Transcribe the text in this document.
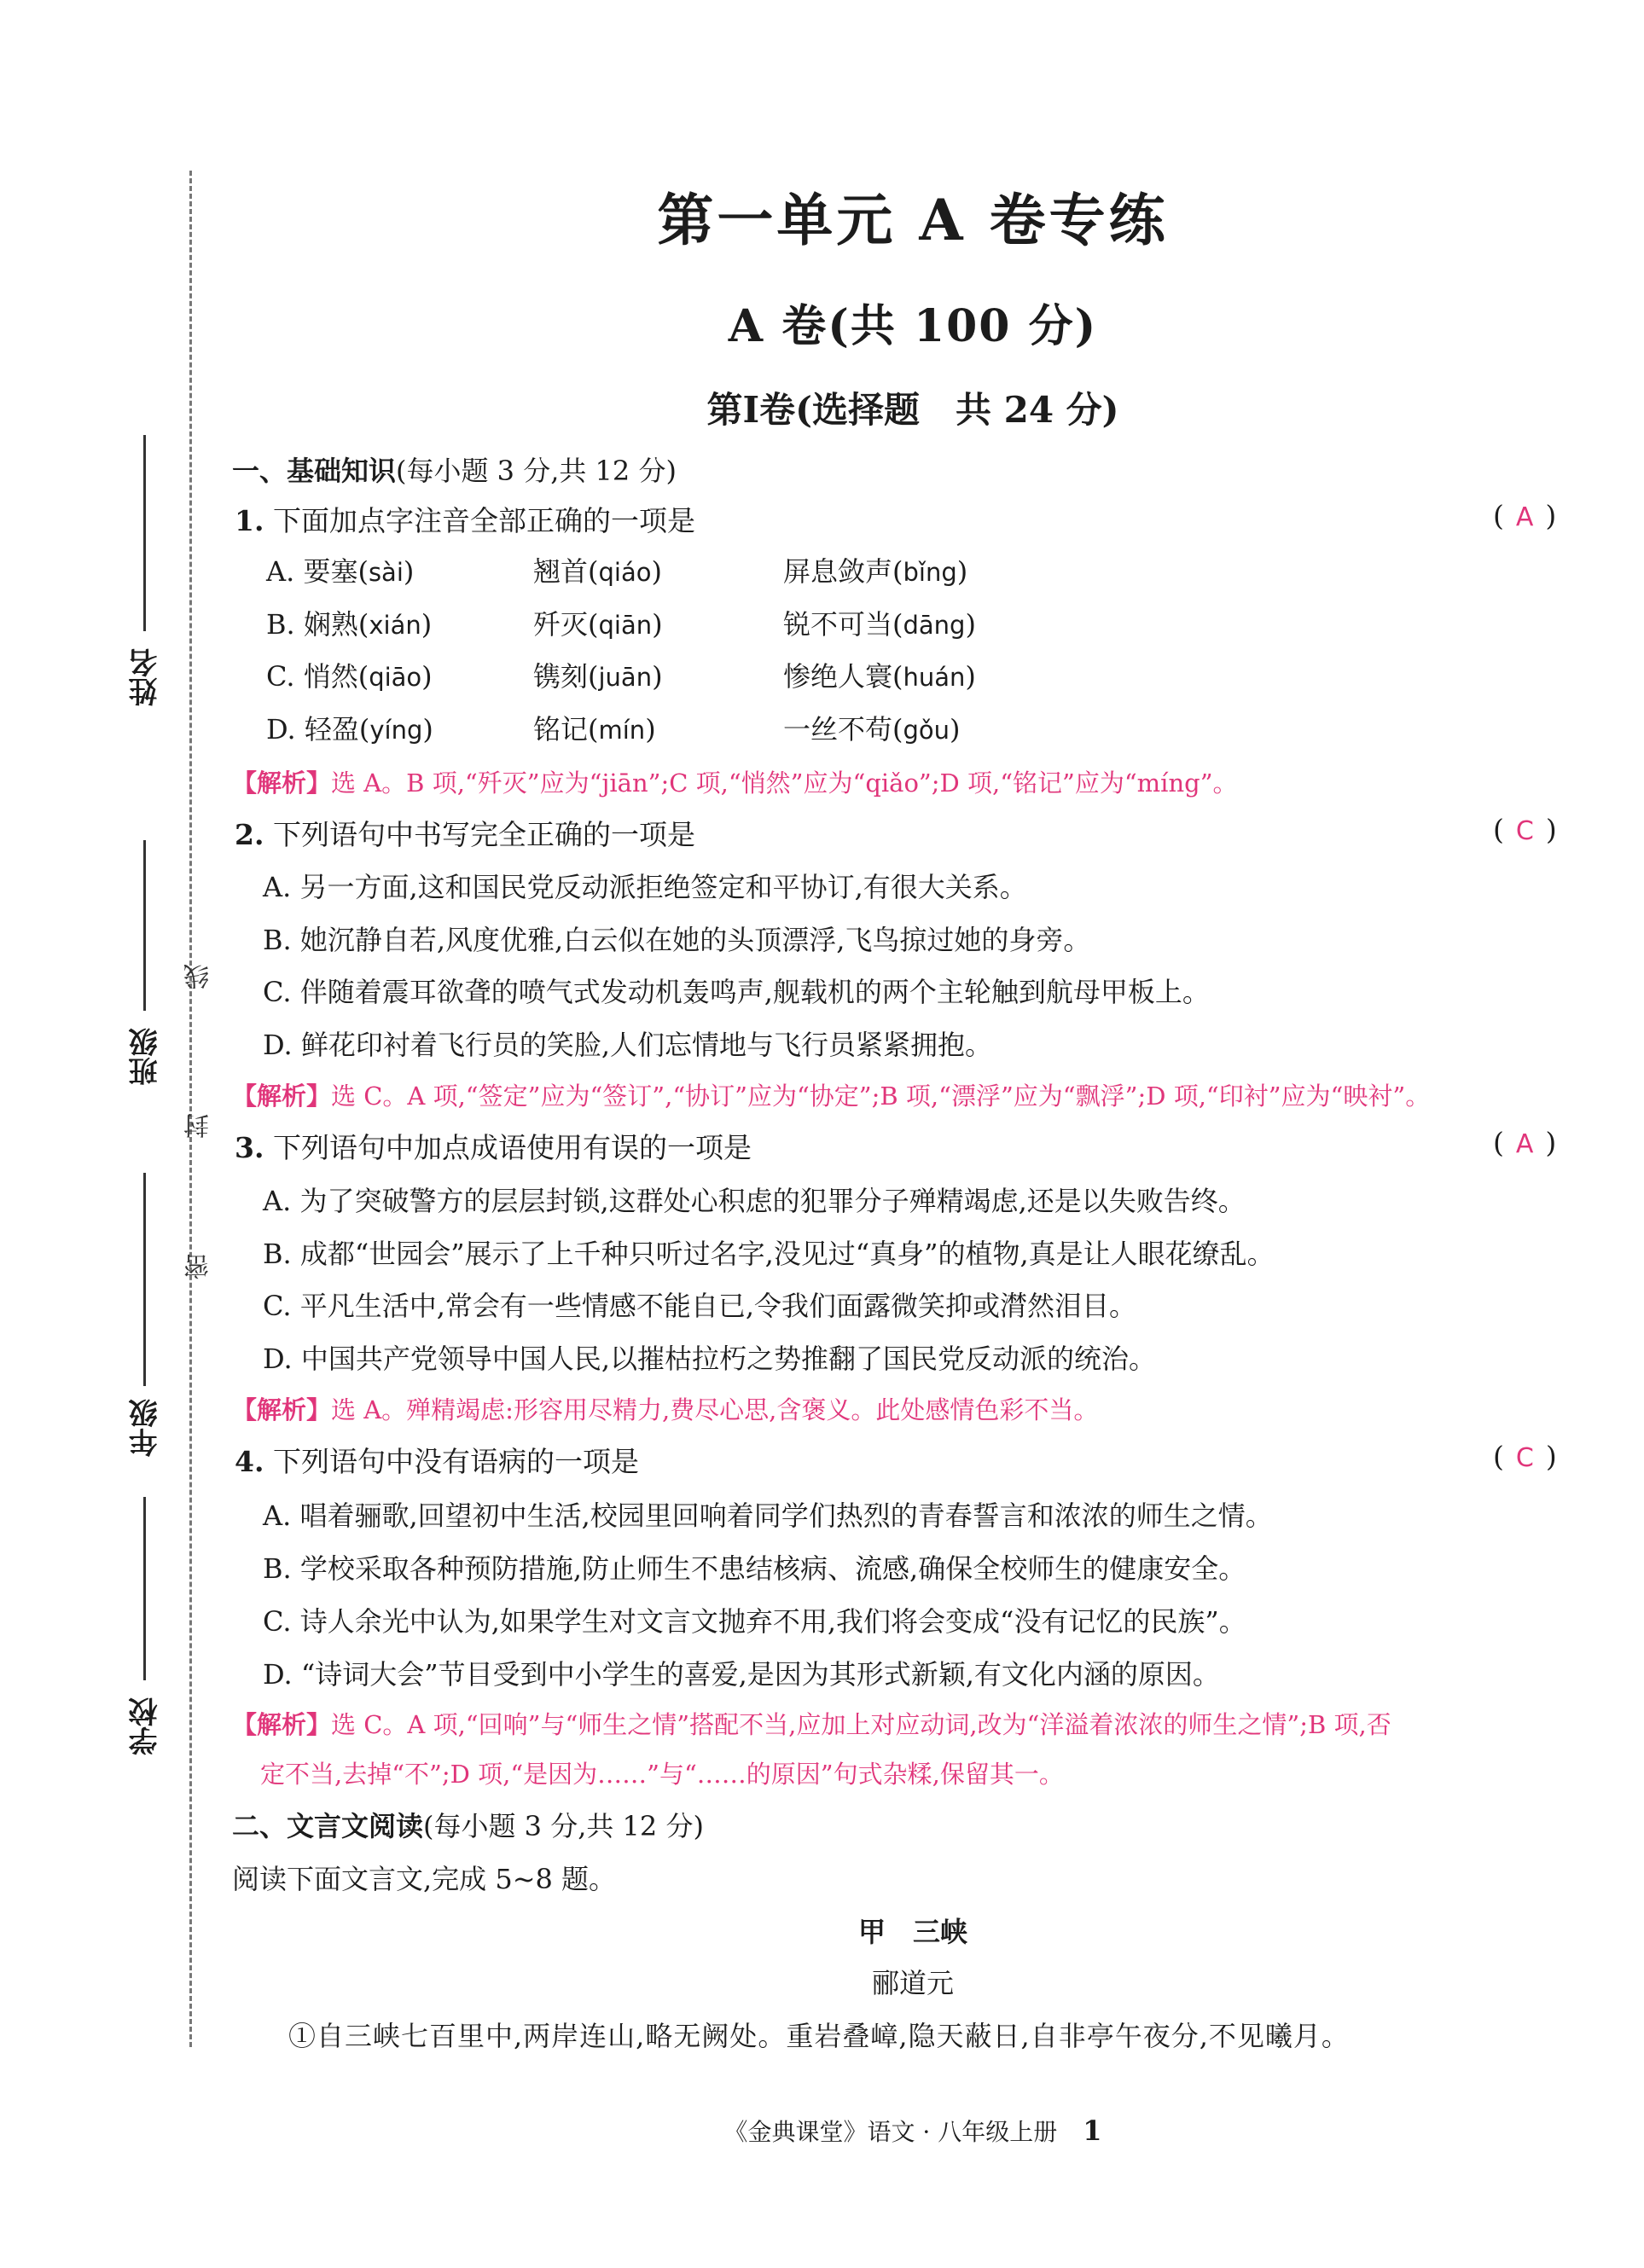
姓名
班级
年级
学校
线
封
密
第一单元 A 卷专练
A 卷(共 100 分)
第Ⅰ卷(选择题　共 24 分)
一、基础知识(每小题 3 分,共 12 分)
1. 下面加点字注音全部正确的一项是	( A )
A. 要塞(sài)	翘首(qiáo)	屏息敛声(bǐng)
B. 娴熟(xián)	歼灭(qiān)	锐不可当(dāng)
C. 悄然(qiāo)	镌刻(juān)	惨绝人寰(huán)
D. 轻盈(yíng)	铭记(mín)	一丝不苟(gǒu)
【解析】选 A。B 项,“歼灭”应为“jiān”;C 项,“悄然”应为“qiǎo”;D 项,“铭记”应为“míng”。
2. 下列语句中书写完全正确的一项是	( C )
A. 另一方面,这和国民党反动派拒绝签定和平协订,有很大关系。
B. 她沉静自若,风度优雅,白云似在她的头顶漂浮,飞鸟掠过她的身旁。
C. 伴随着震耳欲聋的喷气式发动机轰鸣声,舰载机的两个主轮触到航母甲板上。
D. 鲜花印衬着飞行员的笑脸,人们忘情地与飞行员紧紧拥抱。
【解析】选 C。A 项,“签定”应为“签订”,“协订”应为“协定”;B 项,“漂浮”应为“飘浮”;D 项,“印衬”应为“映衬”。
3. 下列语句中加点成语使用有误的一项是	( A )
A. 为了突破警方的层层封锁,这群处心积虑的犯罪分子殚精竭虑,还是以失败告终。
B. 成都“世园会”展示了上千种只听过名字,没见过“真身”的植物,真是让人眼花缭乱。
C. 平凡生活中,常会有一些情感不能自已,令我们面露微笑抑或潸然泪目。
D. 中国共产党领导中国人民,以摧枯拉朽之势推翻了国民党反动派的统治。
【解析】选 A。殚精竭虑:形容用尽精力,费尽心思,含褒义。此处感情色彩不当。
4. 下列语句中没有语病的一项是	( C )
A. 唱着骊歌,回望初中生活,校园里回响着同学们热烈的青春誓言和浓浓的师生之情。
B. 学校采取各种预防措施,防止师生不患结核病、流感,确保全校师生的健康安全。
C. 诗人余光中认为,如果学生对文言文抛弃不用,我们将会变成“没有记忆的民族”。
D. “诗词大会”节目受到中小学生的喜爱,是因为其形式新颖,有文化内涵的原因。
【解析】选 C。A 项,“回响”与“师生之情”搭配不当,应加上对应动词,改为“洋溢着浓浓的师生之情”;B 项,否
定不当,去掉“不”;D 项,“是因为……”与“……的原因”句式杂糅,保留其一。
二、文言文阅读(每小题 3 分,共 12 分)
阅读下面文言文,完成 5~8 题。
甲　三峡
郦道元
①自三峡七百里中,两岸连山,略无阙处。重岩叠嶂,隐天蔽日,自非亭午夜分,不见曦月。
《金典课堂》语文 · 八年级上册 1
